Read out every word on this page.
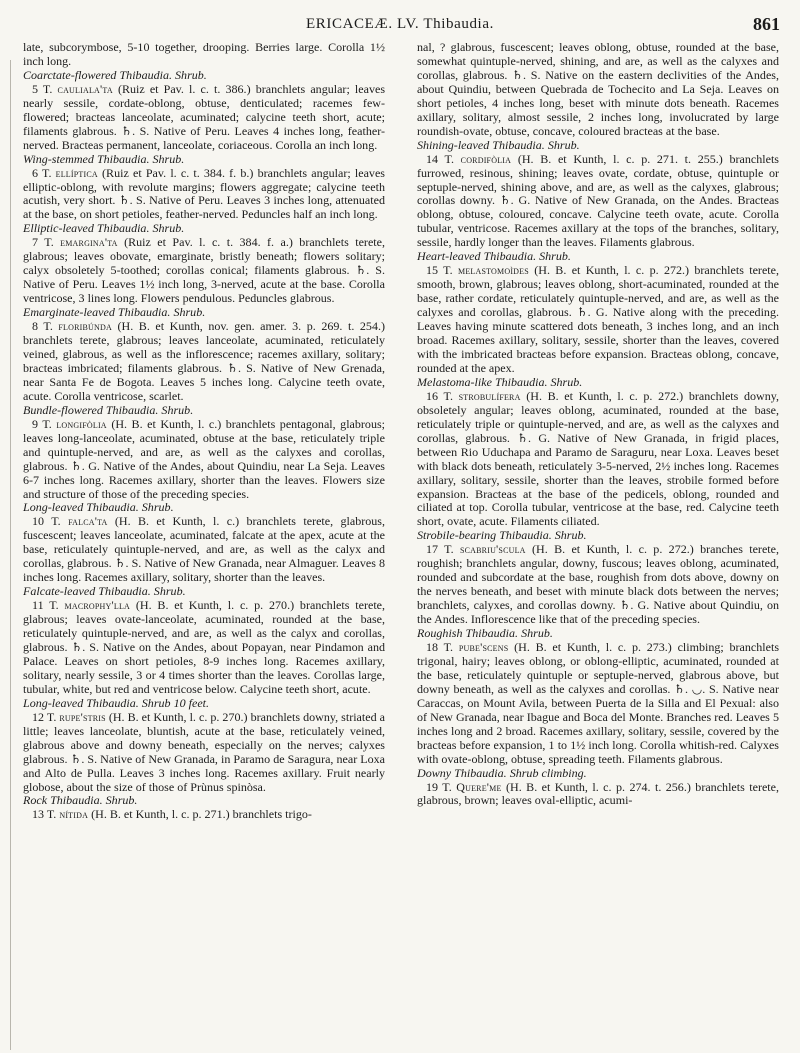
ERICACEÆ. LV. Thibaudia.	861

late, subcorymbose, 5-10 together, drooping. Berries large. Corolla 1½ inch long.

Coarctate-flowered Thibaudia. Shrub.

5 T. cauliala'ta (Ruiz et Pav. l. c. t. 386.) branchlets angular; leaves nearly sessile, cordate-oblong, obtuse, denticulated; racemes few-flowered; bracteas lanceolate, acuminated; calycine teeth short, acute; filaments glabrous. ♄. S. Native of Peru. Leaves 4 inches long, feather-nerved. Bracteas permanent, lanceolate, coriaceous. Corolla an inch long.

Wing-stemmed Thibaudia. Shrub.

6 T. ellíptica (Ruiz et Pav. l. c. t. 384. f. b.) branchlets angular; leaves elliptic-oblong, with revolute margins; flowers aggregate; calycine teeth acutish, very short. ♄. S. Native of Peru. Leaves 3 inches long, attenuated at the base, on short petioles, feather-nerved. Peduncles half an inch long.

Elliptic-leaved Thibaudia. Shrub.

7 T. emargina'ta (Ruiz et Pav. l. c. t. 384. f. a.) branchlets terete, glabrous; leaves obovate, emarginate, bristly beneath; flowers solitary; calyx obsoletely 5-toothed; corollas conical; filaments glabrous. ♄. S. Native of Peru. Leaves 1½ inch long, 3-nerved, acute at the base. Corolla ventricose, 3 lines long. Flowers pendulous. Peduncles glabrous.

Emarginate-leaved Thibaudia. Shrub.

8 T. floribúnda (H. B. et Kunth, nov. gen. amer. 3. p. 269. t. 254.) branchlets terete, glabrous; leaves lanceolate, acuminated, reticulately veined, glabrous, as well as the inflorescence; racemes axillary, solitary; bracteas imbricated; filaments glabrous. ♄. S. Native of New Grenada, near Santa Fe de Bogota. Leaves 5 inches long. Calycine teeth ovate, acute. Corolla ventricose, scarlet.

Bundle-flowered Thibaudia. Shrub.

9 T. longifòlia (H. B. et Kunth, l. c.) branchlets pentagonal, glabrous; leaves long-lanceolate, acuminated, obtuse at the base, reticulately triple and quintuple-nerved, and are, as well as the calyxes and corollas, glabrous. ♄. G. Native of the Andes, about Quindiu, near La Seja. Leaves 6-7 inches long. Racemes axillary, shorter than the leaves. Flowers size and structure of those of the preceding species.

Long-leaved Thibaudia. Shrub.

10 T. falca'ta (H. B. et Kunth, l. c.) branchlets terete, glabrous, fuscescent; leaves lanceolate, acuminated, falcate at the apex, acute at the base, reticulately quintuple-nerved, and are, as well as the calyx and corollas, glabrous. ♄. S. Native of New Granada, near Almaguer. Leaves 8 inches long. Racemes axillary, solitary, shorter than the leaves.

Falcate-leaved Thibaudia. Shrub.

11 T. macrophy'lla (H. B. et Kunth, l. c. p. 270.) branchlets terete, glabrous; leaves ovate-lanceolate, acuminated, rounded at the base, reticulately quintuple-nerved, and are, as well as the calyx and corollas, glabrous. ♄. S. Native on the Andes, about Popayan, near Pindamon and Palace. Leaves on short petioles, 8-9 inches long. Racemes axillary, solitary, nearly sessile, 3 or 4 times shorter than the leaves. Corollas large, tubular, white, but red and ventricose below. Calycine teeth short, acute.

Long-leaved Thibaudia. Shrub 10 feet.

12 T. rupe'stris (H. B. et Kunth, l. c. p. 270.) branchlets downy, striated a little; leaves lanceolate, bluntish, acute at the base, reticulately veined, glabrous above and downy beneath, especially on the nerves; calyxes glabrous. ♄. S. Native of New Granada, in Paramo de Saragura, near Loxa and Alto de Pulla. Leaves 3 inches long. Racemes axillary. Fruit nearly globose, about the size of those of Prùnus spinòsa.

Rock Thibaudia. Shrub.

13 T. nítida (H. B. et Kunth, l. c. p. 271.) branchlets trigo-

nal, ? glabrous, fuscescent; leaves oblong, obtuse, rounded at the base, somewhat quintuple-nerved, shining, and are, as well as the calyxes and corollas, glabrous. ♄. S. Native on the eastern declivities of the Andes, about Quindiu, between Quebrada de Tochecito and La Seja. Leaves on short petioles, 4 inches long, beset with minute dots beneath. Racemes axillary, solitary, almost sessile, 2 inches long, involucrated by large roundish-ovate, obtuse, concave, coloured bracteas at the base.

Shining-leaved Thibaudia. Shrub.

14 T. cordifòlia (H. B. et Kunth, l. c. p. 271. t. 255.) branchlets furrowed, resinous, shining; leaves ovate, cordate, obtuse, quintuple or septuple-nerved, shining above, and are, as well as the calyxes, glabrous; corollas downy. ♄. G. Native of New Granada, on the Andes. Bracteas oblong, obtuse, coloured, concave. Calycine teeth ovate, acute. Corolla tubular, ventricose. Racemes axillary at the tops of the branches, solitary, sessile, hardly longer than the leaves. Filaments glabrous.

Heart-leaved Thibaudia. Shrub.

15 T. melastomoìdes (H. B. et Kunth, l. c. p. 272.) branchlets terete, smooth, brown, glabrous; leaves oblong, short-acuminated, rounded at the base, rather cordate, reticulately quintuple-nerved, and are, as well as the calyxes and corollas, glabrous. ♄. G. Native along with the preceding. Leaves having minute scattered dots beneath, 3 inches long, and an inch broad. Racemes axillary, solitary, sessile, shorter than the leaves, covered with the imbricated bracteas before expansion. Bracteas oblong, concave, rounded at the apex.

Melastoma-like Thibaudia. Shrub.

16 T. strobulífera (H. B. et Kunth, l. c. p. 272.) branchlets downy, obsoletely angular; leaves oblong, acuminated, rounded at the base, reticulately triple or quintuple-nerved, and are, as well as the calyxes and corollas, glabrous. ♄. G. Native of New Granada, in frigid places, between Rio Uduchapa and Paramo de Saraguru, near Loxa. Leaves beset with black dots beneath, reticulately 3-5-nerved, 2½ inches long. Racemes axillary, solitary, sessile, shorter than the leaves, strobile formed before expansion. Bracteas at the base of the pedicels, oblong, rounded and ciliated at top. Corolla tubular, ventricose at the base, red. Calycine teeth short, ovate, acute. Filaments ciliated.

Strobile-bearing Thibaudia. Shrub.

17 T. scabriu'scula (H. B. et Kunth, l. c. p. 272.) branches terete, roughish; branchlets angular, downy, fuscous; leaves oblong, acuminated, rounded and subcordate at the base, roughish from dots above, downy on the nerves beneath, and beset with minute black dots between the nerves; branchlets, calyxes, and corollas downy. ♄. G. Native about Quindiu, on the Andes. Inflorescence like that of the preceding species.

Roughish Thibaudia. Shrub.

18 T. pube'scens (H. B. et Kunth, l. c. p. 273.) climbing; branchlets trigonal, hairy; leaves oblong, or oblong-elliptic, acuminated, rounded at the base, reticulately quintuple or septuple-nerved, glabrous above, but downy beneath, as well as the calyxes and corollas. ♄. ◡. S. Native near Caraccas, on Mount Avila, between Puerta de la Silla and El Pexual: also of New Granada, near Ibague and Boca del Monte. Branches red. Leaves 5 inches long and 2 broad. Racemes axillary, solitary, sessile, covered by the bracteas before expansion, 1 to 1½ inch long. Corolla whitish-red. Calyxes with ovate-oblong, obtuse, spreading teeth. Filaments glabrous.

Downy Thibaudia. Shrub climbing.

19 T. Quere'me (H. B. et Kunth, l. c. p. 274. t. 256.) branchlets terete, glabrous, brown; leaves oval-elliptic, acumi-
